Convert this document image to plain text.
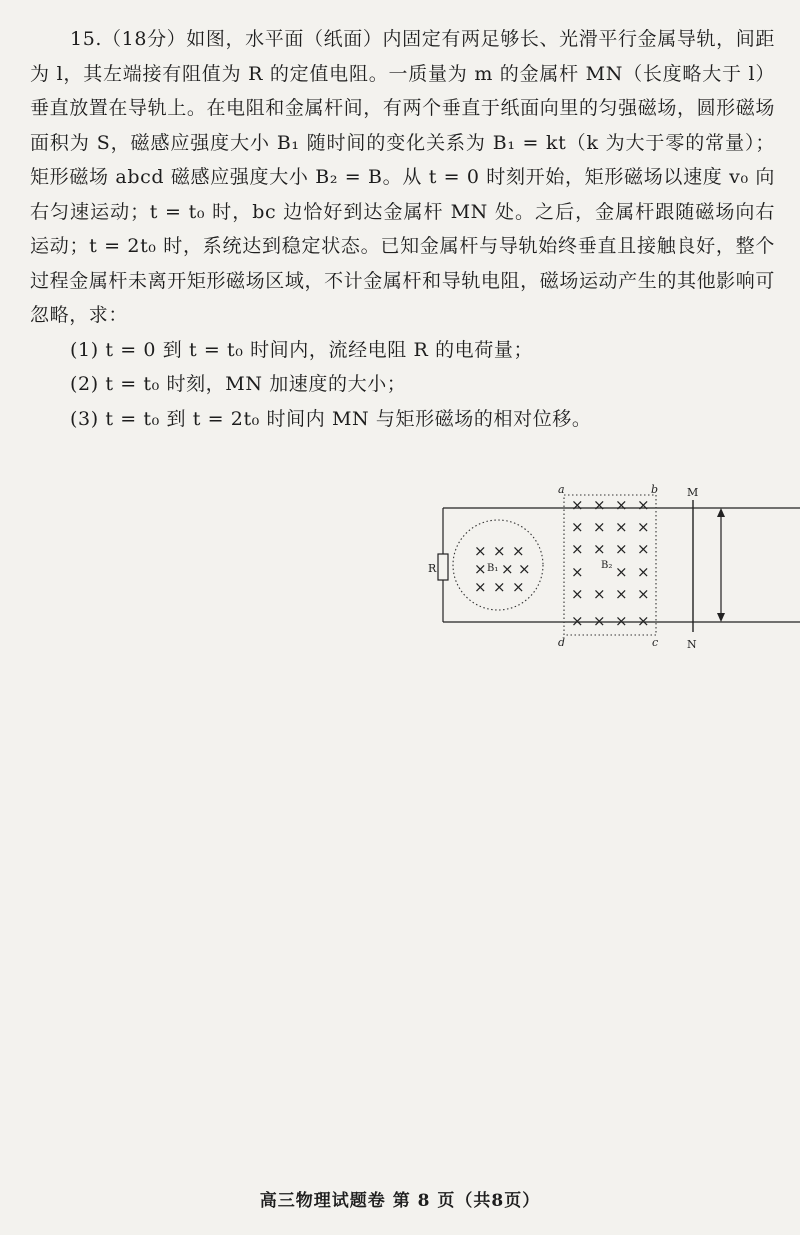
15.（18分）如图，水平面（纸面）内固定有两足够长、光滑平行金属导轨，间距为 l，其左端接有阻值为 R 的定值电阻。一质量为 m 的金属杆 MN（长度略大于 l）垂直放置在导轨上。在电阻和金属杆间，有两个垂直于纸面向里的匀强磁场，圆形磁场面积为 S，磁感应强度大小 B₁ 随时间的变化关系为 B₁ = kt（k 为大于零的常量）；矩形磁场 abcd 磁感应强度大小 B₂ = B。从 t = 0 时刻开始，矩形磁场以速度 v₀ 向右匀速运动；t = t₀ 时，bc 边恰好到达金属杆 MN 处。之后，金属杆跟随磁场向右运动；t = 2t₀ 时，系统达到稳定状态。已知金属杆与导轨始终垂直且接触良好，整个过程金属杆未离开矩形磁场区域，不计金属杆和导轨电阻，磁场运动产生的其他影响可忽略，求：

(1) t = 0 到 t = t₀ 时间内，流经电阻 R 的电荷量；

(2) t = t₀ 时刻，MN 加速度的大小；

(3) t = t₀ 到 t = 2t₀ 时间内 MN 与矩形磁场的相对位移。

R
× × ×
× × ×
× × ×
B₁
a	b
c
d
× × × ×
× × × ×
× × × ×
× × ×
× × × ×
× × × ×
B₂
M
N
高三物理试题卷 第 8 页（共8页）
